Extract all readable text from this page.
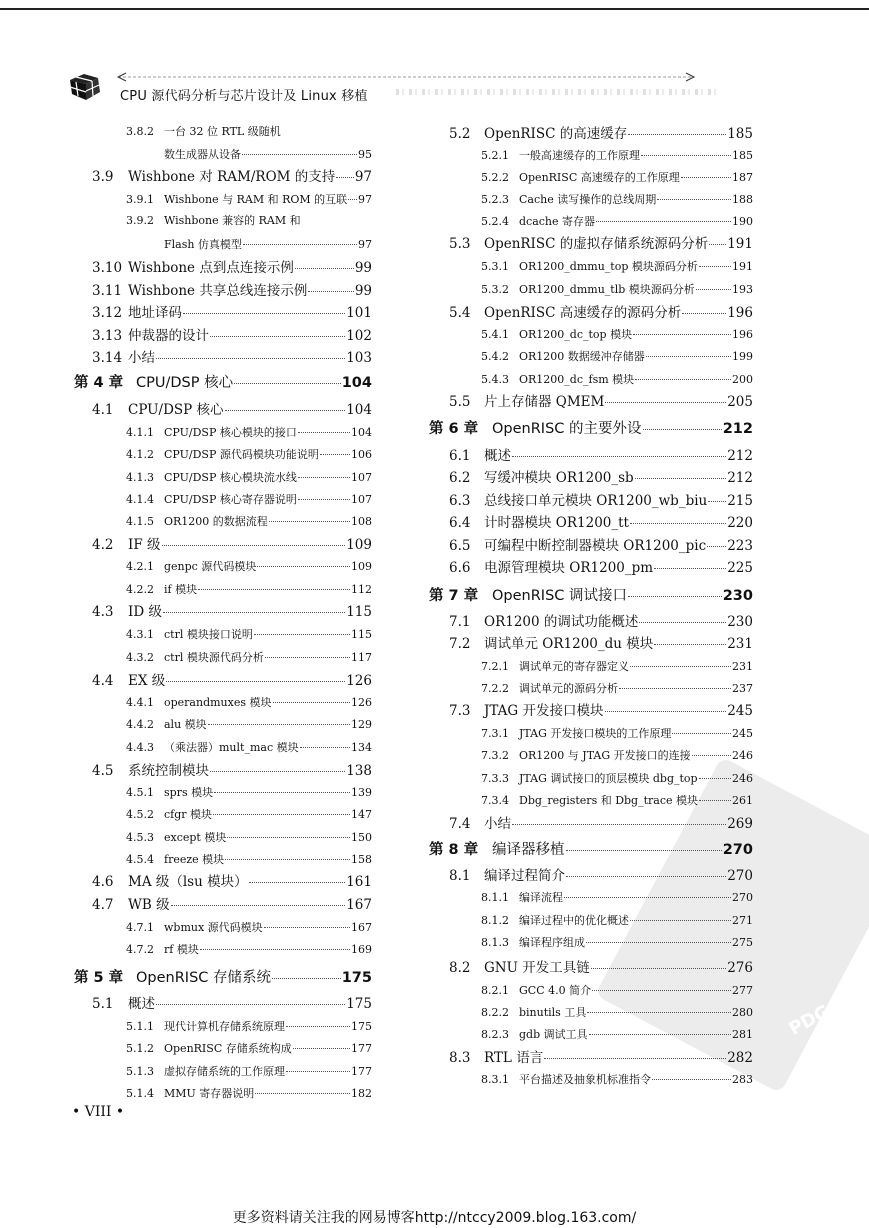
CPU 源代码分析与芯片设计及 Linux 移植
PDG
3.8.2 一台 32 位 RTL 级随机
数生成器从设备	95
3.9	Wishbone 对 RAM/ROM 的支持 97
3.9.1 Wishbone 与 RAM 和 ROM 的互联 97
3.9.2 Wishbone 兼容的 RAM 和
Flash 仿真模型	97
3.10 Wishbone 点到点连接示例	99
3.11 Wishbone 共享总线连接示例	99
3.12 地址译码	101
3.13 仲裁器的设计	102
3.14 小结	103
第 4 章 CPU/DSP 核心	104
4.1	CPU/DSP 核心	104
4.1.1 CPU/DSP 核心模块的接口	104
4.1.2 CPU/DSP 源代码模块功能说明	106
4.1.3 CPU/DSP 核心模块流水线	107
4.1.4 CPU/DSP 核心寄存器说明	107
4.1.5 OR1200 的数据流程	108
4.2	IF 级	109
4.2.1 genpc 源代码模块	109
4.2.2 if 模块	112
4.3	ID 级	115
4.3.1 ctrl 模块接口说明	115
4.3.2 ctrl 模块源代码分析	117
4.4	EX 级	126
4.4.1 operandmuxes 模块	126
4.4.2 alu 模块	129
4.4.3 （乘法器）mult_mac 模块	134
4.5	系统控制模块	138
4.5.1 sprs 模块	139
4.5.2 cfgr 模块	147
4.5.3 except 模块	150
4.5.4 freeze 模块	158
4.6	MA 级（lsu 模块）	161
4.7	WB 级	167
4.7.1 wbmux 源代码模块	167
4.7.2 rf 模块	169
第 5 章 OpenRISC 存储系统	175
5.1	概述	175
5.1.1 现代计算机存储系统原理	175
5.1.2 OpenRISC 存储系统构成	177
5.1.3 虚拟存储系统的工作原理	177
5.1.4 MMU 寄存器说明	182
5.2	OpenRISC 的高速缓存	185
5.2.1 一般高速缓存的工作原理	185
5.2.2 OpenRISC 高速缓存的工作原理	187
5.2.3 Cache 读写操作的总线周期	188
5.2.4 dcache 寄存器	190
5.3	OpenRISC 的虚拟存储系统源码分析 191
5.3.1 OR1200_dmmu_top 模块源码分析	191
5.3.2 OR1200_dmmu_tlb 模块源码分析	193
5.4	OpenRISC 高速缓存的源码分析	196
5.4.1 OR1200_dc_top 模块	196
5.4.2 OR1200 数据缓冲存储器	199
5.4.3 OR1200_dc_fsm 模块	200
5.5	片上存储器 QMEM	205
第 6 章 OpenRISC 的主要外设	212
6.1	概述	212
6.2	写缓冲模块 OR1200_sb	212
6.3	总线接口单元模块 OR1200_wb_biu 215
6.4	计时器模块 OR1200_tt	220
6.5	可编程中断控制器模块 OR1200_pic 223
6.6	电源管理模块 OR1200_pm	225
第 7 章 OpenRISC 调试接口	230
7.1	OR1200 的调试功能概述	230
7.2	调试单元 OR1200_du 模块	231
7.2.1 调试单元的寄存器定义	231
7.2.2 调试单元的源码分析	237
7.3	JTAG 开发接口模块	245
7.3.1 JTAG 开发接口模块的工作原理	245
7.3.2 OR1200 与 JTAG 开发接口的连接	246
7.3.3 JTAG 调试接口的顶层模块 dbg_top	246
7.3.4 Dbg_registers 和 Dbg_trace 模块	261
7.4	小结	269
第 8 章 编译器移植	270
8.1	编译过程简介	270
8.1.1 编译流程	270
8.1.2 编译过程中的优化概述	271
8.1.3 编译程序组成	275
8.2	GNU 开发工具链	276
8.2.1 GCC 4.0 简介	277
8.2.2 binutils 工具	280
8.2.3 gdb 调试工具	281
8.3	RTL 语言	282
8.3.1 平台描述及抽象机标准指令	283
• VIII •
更多资料请关注我的网易博客http://ntccy2009.blog.163.com/
